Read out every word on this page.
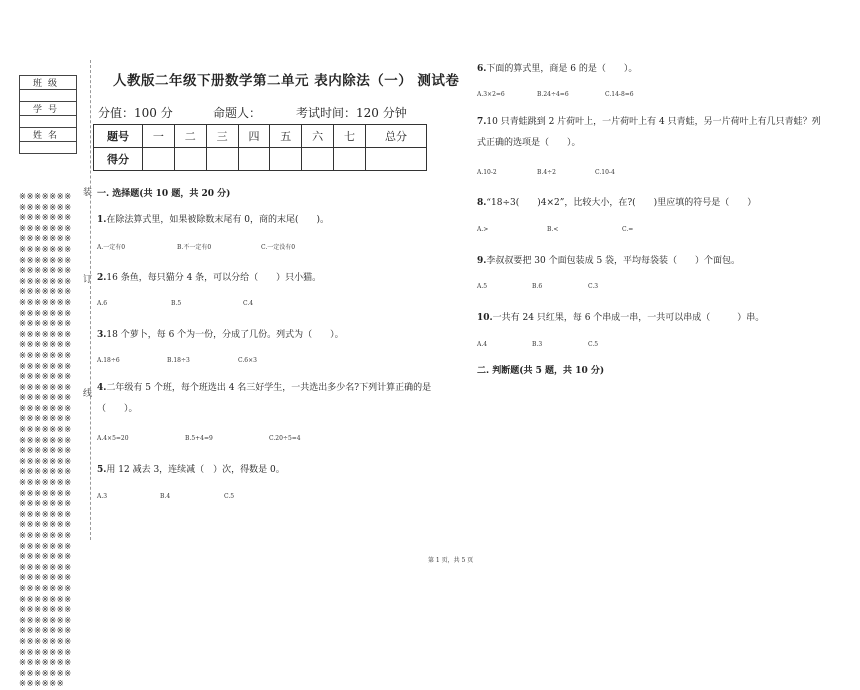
班级

学号

姓名

※※※※※※※※※※※※※※※※※※※※※※※※※※※※※※※※※※※※※※※※※※※※※※※※※※※※※※※※※※※※※※※※※※※※※※※※※※※※※※※※※※※※※※※※※※※※※※※※※※※※※※※※※※※※※※※※※※※※※※※※※※※※※※※※※※※※※※※※※※※※※※※※※※※※※※※※※※※※※※※※※※※※※※※※※※※※※※※※※※※※※※※※※※※※※※※※※※※※※※※※※※※※※※※※※※※※※※※※※※※※※※※※※※※※※※※※※※※※※※※※※※※※※※※※※※※※※※※※※※※※※※※※※※※※※※※※※※※※※※※※※※※※※※※※※※※※※※※※※※※※※※※※※※※※※※※※※※※※※※※※※※※※※※※※
装
订
线
人教版二年级下册数学第二单元 表内除法（一） 测试卷
分值：100 分	命题人：	考试时间：120 分钟
题号	一	二	三	四	五	六	七	总分
得分								
一. 选择题(共 10 题，共 20 分)
1.在除法算式里，如果被除数末尾有 0，商的末尾(　　)。
A.一定有0	B.不一定有0	C.一定没有0
2.16 条鱼，每只猫分 4 条，可以分给（　　）只小猫。
A.6	B.5	C.4
3.18 个萝卜，每 6 个为一份，分成了几份。列式为（　　）。
A.18÷6	B.18÷3	C.6×3
4.二年级有 5 个班，每个班选出 4 名三好学生，一共选出多少名?下列计算正确的是（　　）。
A.4×5=20	B.5+4=9	C.20÷5=4
5.用 12 减去 3，连续减（　）次，得数是 0。
A.3	B.4	C.5
6.下面的算式里，商是 6 的是（　　）。
A.3×2=6	B.24÷4=6	C.14-8=6
7.10 只青蛙跳到 2 片荷叶上，一片荷叶上有 4 只青蛙，另一片荷叶上有几只青蛙？列式正确的选项是（　　）。
A.10-2	B.4÷2	C.10-4
8.“18÷3(　　)4×2”，比较大小，在?(　　)里应填的符号是（　　）
A.>	B.<	C.=
9.李叔叔要把 30 个面包装成 5 袋，平均每袋装（　　）个面包。
A.5	B.6	C.3
10.一共有 24 只红果，每 6 个串成一串，一共可以串成（　　　）串。
A.4	B.3	C.5
二. 判断题(共 5 题，共 10 分)
第 1 页，共 5 页
